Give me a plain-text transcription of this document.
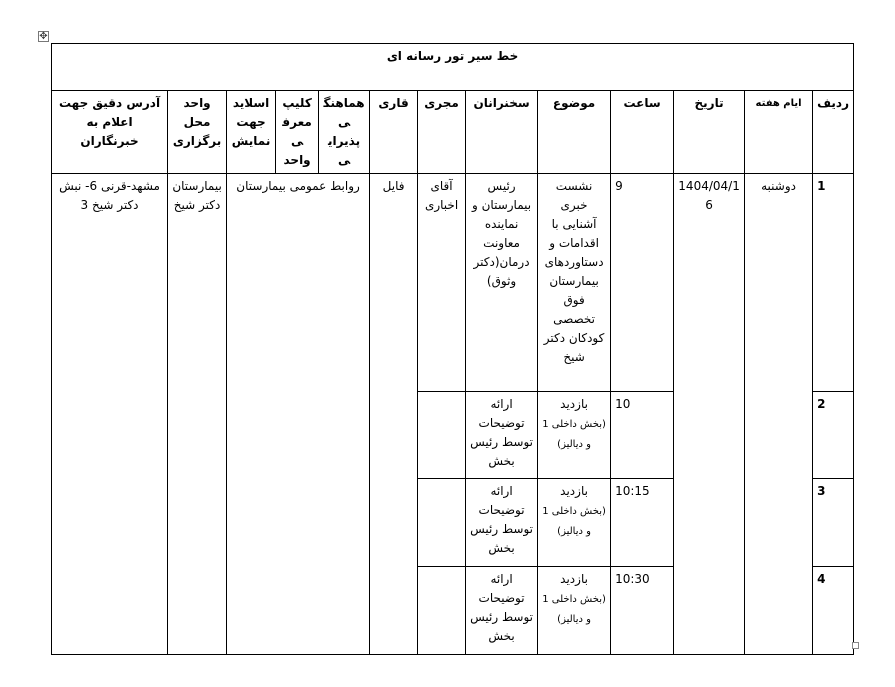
✥
خط سیر تور رسانه ای												
ردیف	ایام هفته	تاریخ	ساعت	موضوع	سخنرانان	مجری	قاری	هماهنگی پذیرایی	کلیپ معرفی واحد	اسلاید جهت نمایش	واحد محل برگزاری	آدرس دقیق جهت اعلام به خبرنگاران
1	دوشنبه	1404/04/16	9	نشست خبری آشنایی با اقدامات و دستاوردهای بیمارستان فوق تخصصی کودکان دکتر شیخ	رئیس بیمارستان و نماینده معاونت درمان(دکتر وثوق)	آقای اخباری	فایل	روابط عمومی بیمارستان			بیمارستان دکتر شیخ	مشهد-قرنی 6- نبش دکتر شیخ 3
2			10	بازدید
(بخش داخلی 1 و دیالیز)	ارائه توضیحات توسط رئیس بخش							
3			10:15	بازدید
(بخش داخلی 1 و دیالیز)	ارائه توضیحات توسط رئیس بخش							
4			10:30	بازدید
(بخش داخلی 1 و دیالیز)	ارائه توضیحات توسط رئیس بخش							
